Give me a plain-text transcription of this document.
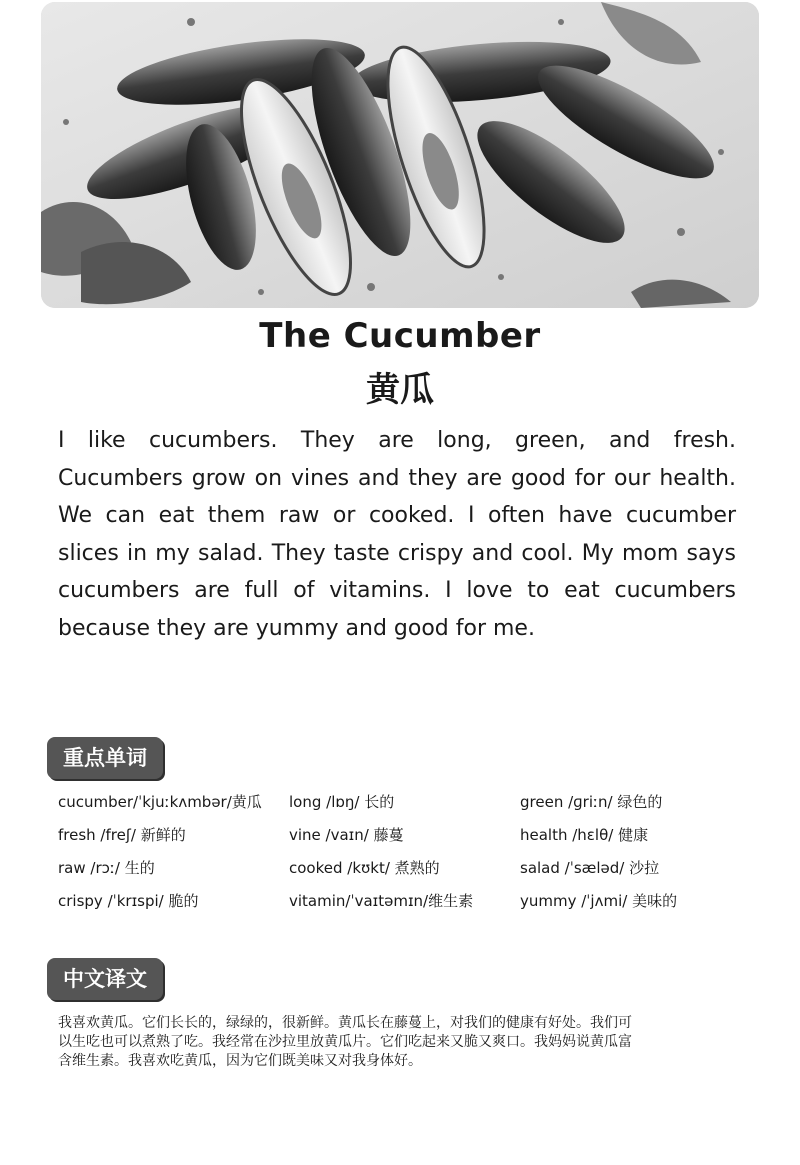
The Cucumber
黄瓜

I like cucumbers. They are long, green, and fresh. Cucumbers grow on vines and they are good for our health. We can eat them raw or cooked. I often have cucumber slices in my salad. They taste crispy and cool. My mom says cucumbers are full of vitamins. I love to eat cucumbers because they are yummy and good for me.

重点单词
cucumber/ˈkjuːkʌmbər/黄瓜	long /lɒŋ/ 长的	green /ɡriːn/ 绿色的
fresh /freʃ/ 新鲜的	vine /vaɪn/ 藤蔓	health /hɛlθ/ 健康
raw /rɔː/ 生的	cooked /kʊkt/ 煮熟的	salad /ˈsæləd/ 沙拉
crispy /ˈkrɪspi/ 脆的	vitamin/ˈvaɪtəmɪn/维生素	yummy /ˈjʌmi/ 美味的
中文译文

我喜欢黄瓜。它们长长的，绿绿的，很新鲜。黄瓜长在藤蔓上，对我们的健康有好处。我们可以生吃也可以煮熟了吃。我经常在沙拉里放黄瓜片。它们吃起来又脆又爽口。我妈妈说黄瓜富含维生素。我喜欢吃黄瓜，因为它们既美味又对我身体好。
